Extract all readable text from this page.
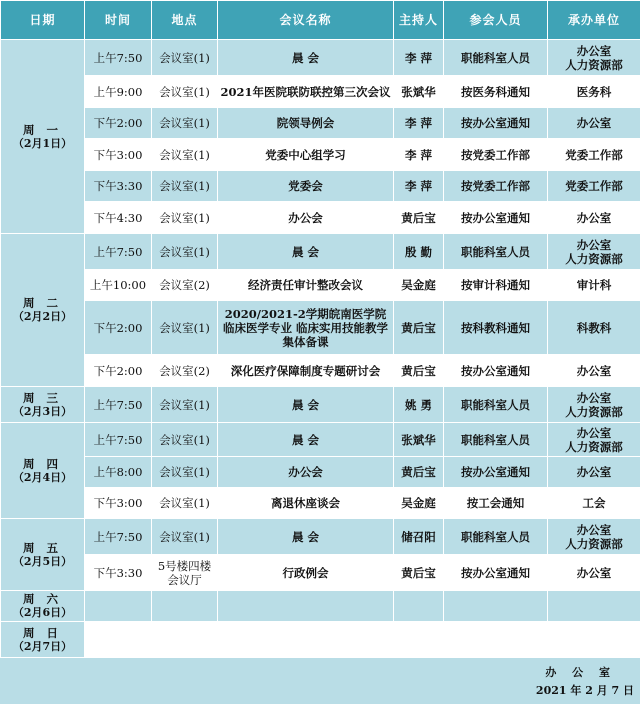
日期	时间	地点	会议名称	主持人	参会人员	承办单位

周 一
（2月1日）	上午7:50	会议室(1)	晨 会	李 萍	职能科室人员	办公室
人力资源部
	上午9:00	会议室(1)	2021年医院联防联控第三次会议	张斌华	按医务科通知	医务科
	下午2:00	会议室(1)	院领导例会	李 萍	按办公室通知	办公室
	下午3:00	会议室(1)	党委中心组学习	李 萍	按党委工作部	党委工作部
	下午3:30	会议室(1)	党委会	李 萍	按党委工作部	党委工作部
	下午4:30	会议室(1)	办公会	黄后宝	按办公室通知	办公室

周 二
（2月2日）	上午7:50	会议室(1)	晨 会	殷 勤	职能科室人员	办公室
人力资源部
	上午10:00	会议室(2)	经济责任审计整改会议	吴金庭	按审计科通知	审计科
	下午2:00	会议室(1)	2020/2021-2学期皖南医学院临床医学专业 临床实用技能教学集体备课	黄后宝	按科教科通知	科教科
	下午2:00	会议室(2)	深化医疗保障制度专题研讨会	黄后宝	按办公室通知	办公室

周 三
（2月3日）	上午7:50	会议室(1)	晨 会	姚 勇	职能科室人员	办公室
人力资源部

周 四
（2月4日）	上午7:50	会议室(1)	晨 会	张斌华	职能科室人员	办公室
人力资源部
	上午8:00	会议室(1)	办公会	黄后宝	按办公室通知	办公室
	下午3:00	会议室(1)	离退休座谈会	吴金庭	按工会通知	工会

周 五
（2月5日）	上午7:50	会议室(1)	晨 会	储召阳	职能科室人员	办公室
人力资源部
	下午3:30	5号楼四楼会议厅	行政例会	黄后宝	按办公室通知	办公室

周 六
（2月6日）						

周 日
（2月7日）						

办 公 室
2021 年 2 月 7 日
